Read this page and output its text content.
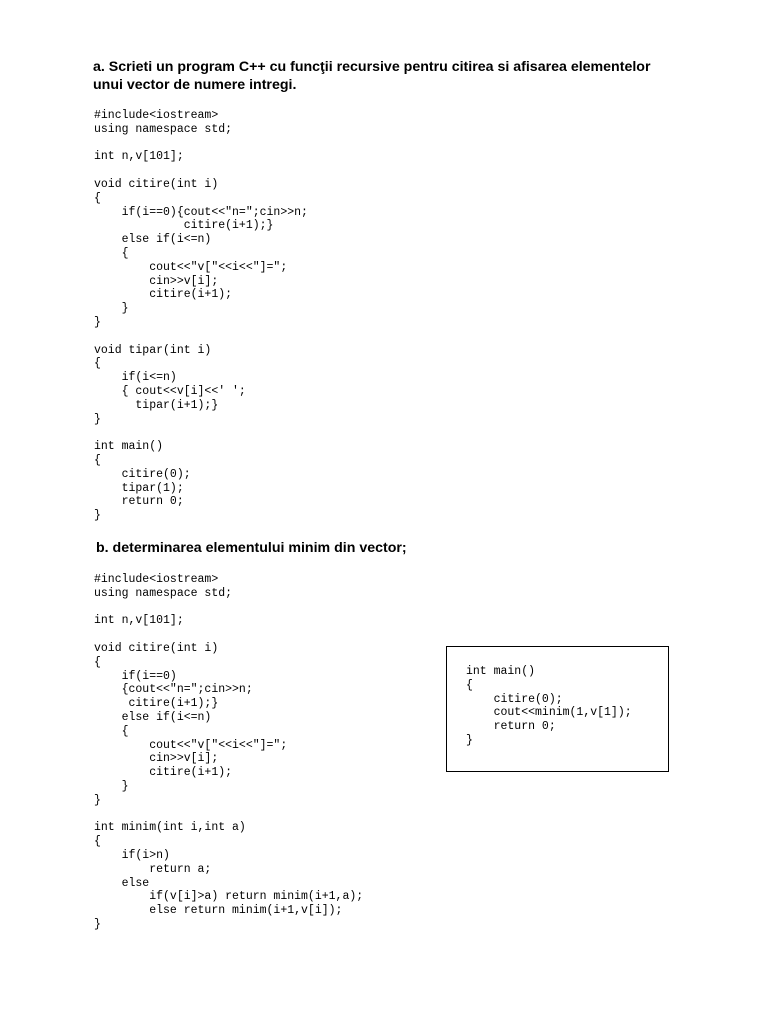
a. Scrieti un program C++ cu funcţii recursive pentru citirea si afisarea elementelor unui vector de numere intregi.

#include<iostream>
using namespace std;

int n,v[101];

void citire(int i)
{
if(i==0){cout<<"n=";cin>>n;
citire(i+1);}
else if(i<=n)
{
cout<<"v["<<i<<"]=";
cin>>v[i];
citire(i+1);
}
}

void tipar(int i)
{
if(i<=n)
{ cout<<v[i]<<' ';
tipar(i+1);}
}

int main()
{
citire(0);
tipar(1);
return 0;
}

b. determinarea elementului minim din vector;

#include<iostream>
using namespace std;

int n,v[101];

void citire(int i)
{
if(i==0)
{cout<<"n=";cin>>n;
citire(i+1);}
else if(i<=n)
{
cout<<"v["<<i<<"]=";
cin>>v[i];
citire(i+1);
}
}

int minim(int i,int a)
{
if(i>n)
return a;
else
if(v[i]>a) return minim(i+1,a);
else return minim(i+1,v[i]);
}
int main()
{
citire(0);
cout<<minim(1,v[1]);
return 0;
}
